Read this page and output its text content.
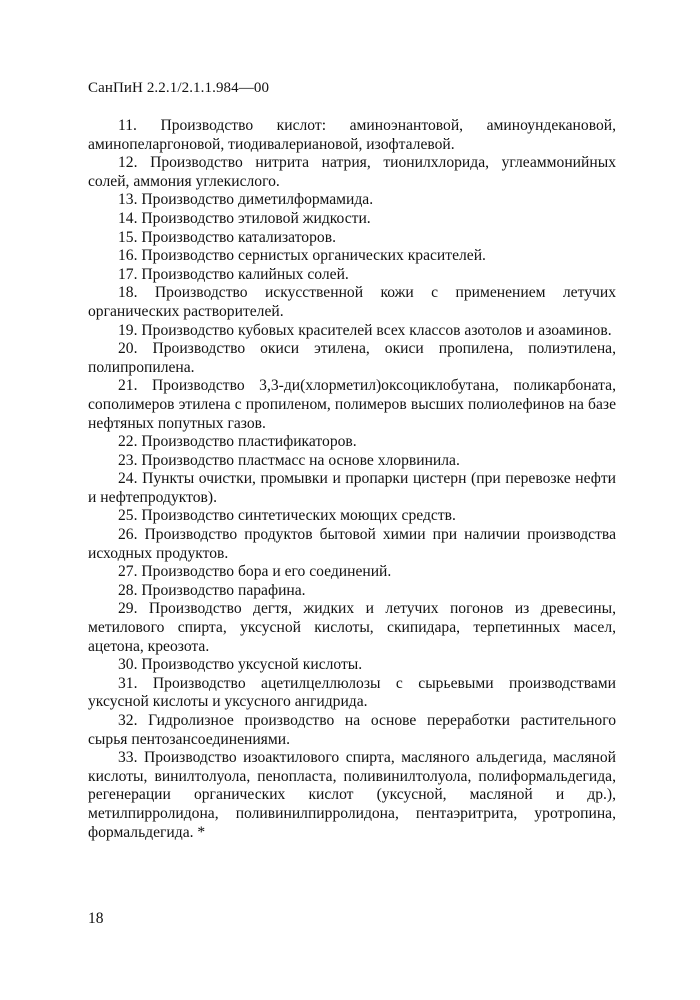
СанПиН 2.2.1/2.1.1.984—00

11. Производство кислот: аминоэнантовой, аминоундекановой, аминопеларгоновой, тиодивалериановой, изофталевой.

12. Производство нитрита натрия, тионилхлорида, углеаммонийных солей, аммония углекислого.

13. Производство диметилформамида.

14. Производство этиловой жидкости.

15. Производство катализаторов.

16. Производство сернистых органических красителей.

17. Производство калийных солей.

18. Производство искусственной кожи с применением летучих органических растворителей.

19. Производство кубовых красителей всех классов азотолов и азоаминов.

20. Производство окиси этилена, окиси пропилена, полиэтилена, полипропилена.

21. Производство 3,3-ди(хлорметил)оксоциклобутана, поликарбоната, сополимеров этилена с пропиленом, полимеров высших полиолефинов на базе нефтяных попутных газов.

22. Производство пластификаторов.

23. Производство пластмасс на основе хлорвинила.

24. Пункты очистки, промывки и пропарки цистерн (при перевозке нефти и нефтепродуктов).

25. Производство синтетических моющих средств.

26. Производство продуктов бытовой химии при наличии производства исходных продуктов.

27. Производство бора и его соединений.

28. Производство парафина.

29. Производство дегтя, жидких и летучих погонов из древесины, метилового спирта, уксусной кислоты, скипидара, терпетинных масел, ацетона, креозота.

30. Производство уксусной кислоты.

31. Производство ацетилцеллюлозы с сырьевыми производствами уксусной кислоты и уксусного ангидрида.

32. Гидролизное производство на основе переработки растительного сырья пентозансоединениями.

33. Производство изоактилового спирта, масляного альдегида, масляной кислоты, винилтолуола, пенопласта, поливинилтолуола, полиформальдегида, регенерации органических кислот (уксусной, масляной и др.), метилпирролидона, поливинилпирролидона, пентаэритрита, уротропина, формальдегида. *

18
